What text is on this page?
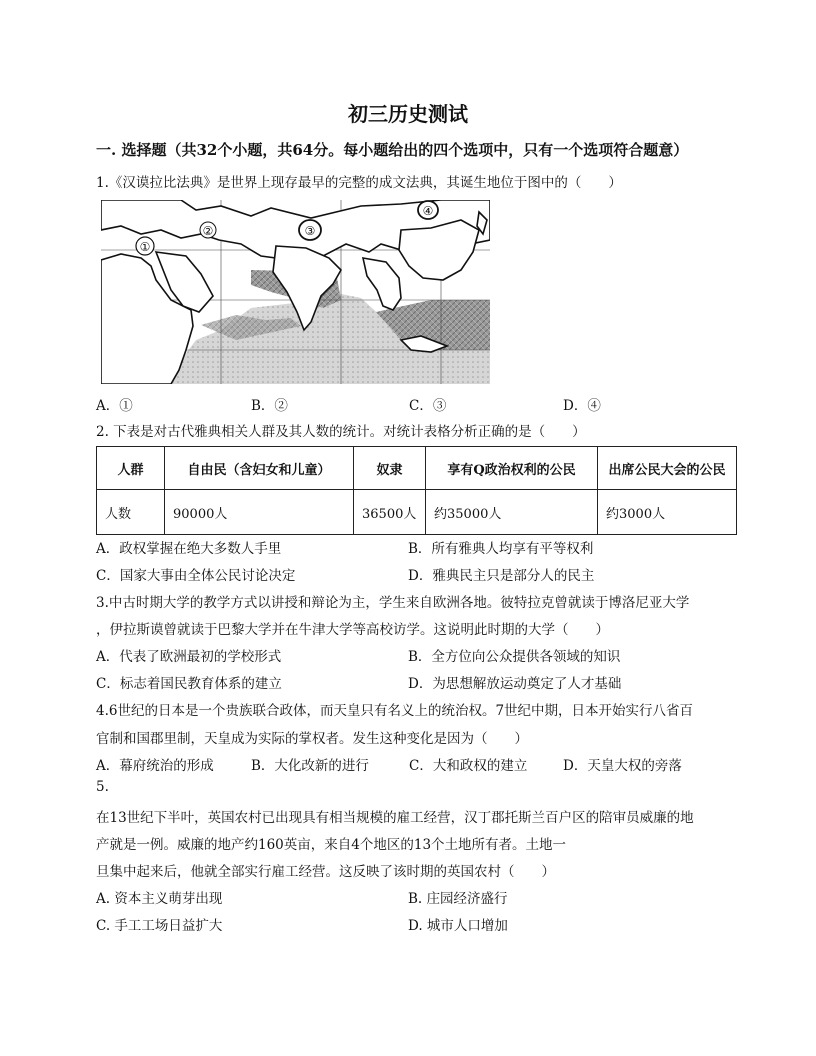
初三历史测试
一. 选择题（共32个小题，共64分。每小题给出的四个选项中，只有一个选项符合题意）
1.《汉谟拉比法典》是世界上现存最早的完整的成文法典，其诞生地位于图中的（　　）
①
②	③
④
A．①	B．②	C．③	D．④
2. 下表是对古代雅典相关人群及其人数的统计。对统计表格分析正确的是（　　）
人群	自由民（含妇女和儿童）	奴隶	享有Q政治权利的公民	出席公民大会的公民
人数	90000人	36500人	约35000人	约3000人
A．政权掌握在绝大多数人手里	B．所有雅典人均享有平等权利
C．国家大事由全体公民讨论决定	D．雅典民主只是部分人的民主
3.中古时期大学的教学方式以讲授和辩论为主，学生来自欧洲各地。彼特拉克曾就读于博洛尼亚大学
，伊拉斯谟曾就读于巴黎大学并在牛津大学等高校访学。这说明此时期的大学（　　）
A．代表了欧洲最初的学校形式	B．全方位向公众提供各领域的知识
C．标志着国民教育体系的建立	D．为思想解放运动奠定了人才基础
4.6世纪的日本是一个贵族联合政体，而天皇只有名义上的统治权。7世纪中期，日本开始实行八省百
官制和国郡里制，天皇成为实际的掌权者。发生这种变化是因为（　　）
A．幕府统治的形成	B．大化改新的进行	C．大和政权的建立	D．天皇大权的旁落
5.
在13世纪下半叶，英国农村已出现具有相当规模的雇工经营，汉丁郡托斯兰百户区的陪审员威廉的地
产就是一例。威廉的地产约160英亩，来自4个地区的13个土地所有者。土地一
旦集中起来后，他就全部实行雇工经营。这反映了该时期的英国农村（　　）
A. 资本主义萌芽出现	B. 庄园经济盛行
C. 手工工场日益扩大	D. 城市人口增加
